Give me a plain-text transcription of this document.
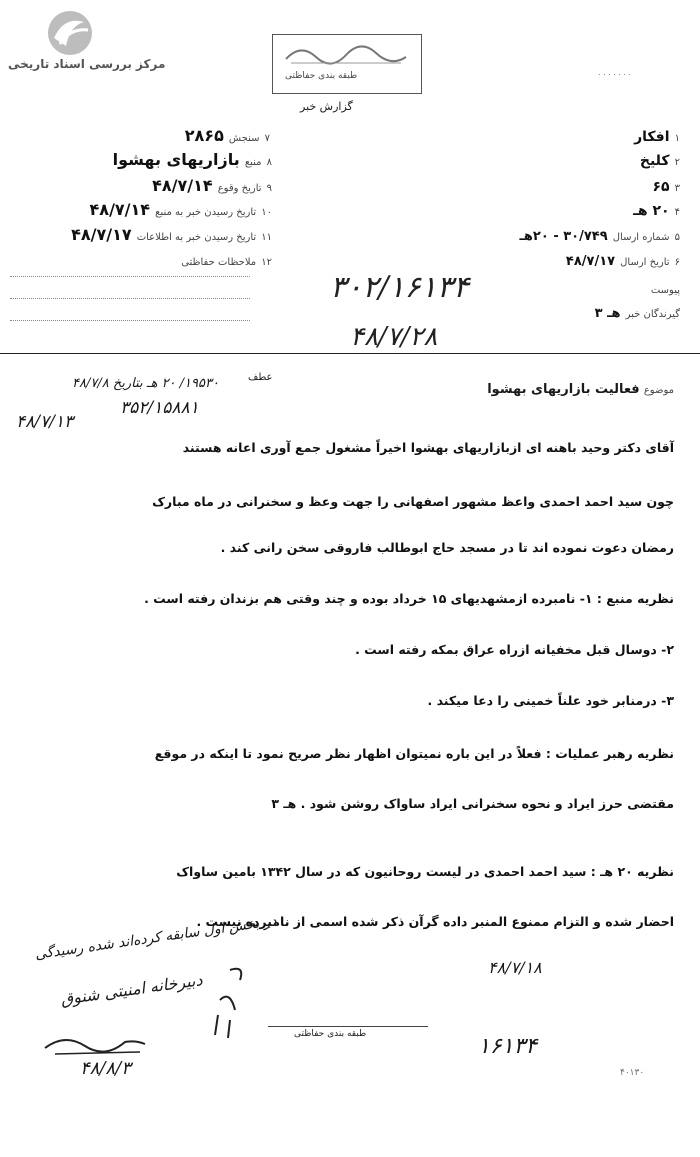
مرکز بررسی اسناد تاریخی
طبقه بندی حفاظتی
گزارش خبر
. . . . . . .
۷ سنجش ۲۸۶۵
۸ منبع بازاریهای بهشوا
۹ تاریخ وقوع ۴۸/۷/۱۴
۱۰ تاریخ رسیدن خبر به منبع ۴۸/۷/۱۴
۱۱ تاریخ رسیدن خبر به اطلاعات ۴۸/۷/۱۷
۱۲ ملاحظات حفاظتی
۱ افکار
۲ کلیخ
۳ ۶۵
۴ ۲۰ هـ
۵ شماره ارسال ۳۰/۷۴۹ - ۲۰هـ
۶ تاریخ ارسال ۴۸/۷/۱۷
پیوست
گیرندگان خبر هـ ۳
۳۰۲/۱۶۱۳۴
۴۸/۷/۲۸
موضوع فعالیت بازاریهای بهشوا
عطف
۱۹۵۳۰/ ۲۰ هـ بتاریخ ۴۸/۷/۸
۳۵۲/۱۵۸۸۱
۴۸/۷/۱۳
آقای دکتر وحید باهنه ای ازبازاریهای بهشوا اخیراً مشغول جمع آوری اعانه هستند
چون سید احمد احمدی واعظ مشهور اصفهانی را جهت وعظ و سخنرانی در ماه مبارک
رمضان دعوت نموده اند تا در مسجد حاج ابوطالب فاروقی سخن رانی کند .
نظریه منبع : ۱- نامبرده ازمشهدیهای ۱۵ خرداد بوده و چند وقتی هم بزندان رفته است .
۲- دوسال قبل مخفیانه ازراه عراق بمکه رفته است .
۳- درمنابر خود علناً خمینی را دعا میکند .
نظریه رهبر عملیات : فعلاً در این باره نمیتوان اظهار نظر صریح نمود تا اینکه در موقع
مقتضی حرز ایراد و نحوه سخنرانی ایراد ساواک روشن شود . هـ ۳
نظریه ۲۰ هـ : سید احمد احمدی در لیست روحانیون که در سال ۱۳۴۲ بامین ساواک
احضار شده و التزام ممنوع المنبر داده گرآن ذکر شده اسمی از نامبرده نیست .
در بخش اول سابقه کرده‌اند شده رسیدگی
دبیرخانه امنیتی شنوق
۴۸/۸/۳
۴۸/۷/۱۸
۱۶۱۳۴
طبقه بندی حفاظتی
۴۰۱۳۰
